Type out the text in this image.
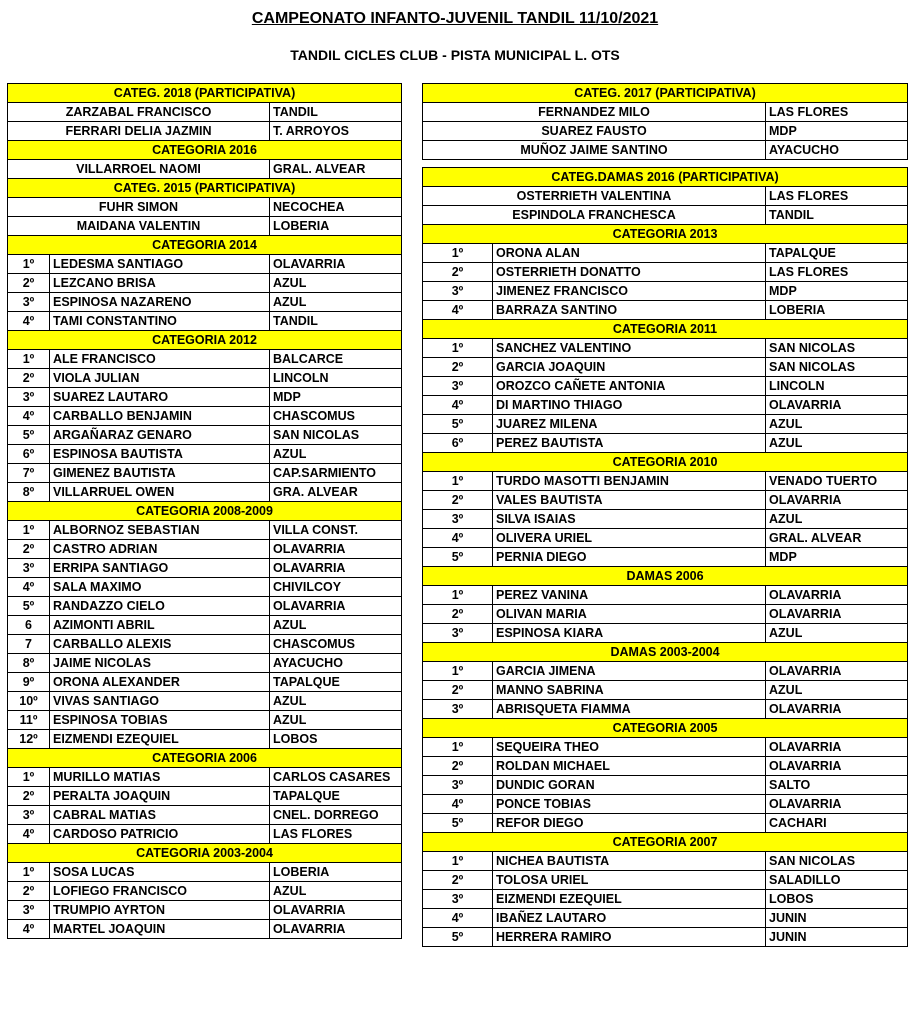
CAMPEONATO INFANTO-JUVENIL TANDIL 11/10/2021
TANDIL CICLES CLUB - PISTA MUNICIPAL L. OTS
CATEG. 2018 (PARTICIPATIVA)		
ZARZABAL FRANCISCO		TANDIL
FERRARI DELIA JAZMIN		T. ARROYOS
CATEGORIA 2016		
VILLARROEL NAOMI		GRAL. ALVEAR
CATEG. 2015 (PARTICIPATIVA)		
FUHR SIMON		NECOCHEA
MAIDANA VALENTIN		LOBERIA
CATEGORIA 2014		
1º	LEDESMA SANTIAGO	OLAVARRIA
2º	LEZCANO BRISA	AZUL
3º	ESPINOSA NAZARENO	AZUL
4º	TAMI CONSTANTINO	TANDIL
CATEGORIA 2012		
1º	ALE FRANCISCO	BALCARCE
2º	VIOLA JULIAN	LINCOLN
3º	SUAREZ LAUTARO	MDP
4º	CARBALLO BENJAMIN	CHASCOMUS
5º	ARGAÑARAZ GENARO	SAN NICOLAS
6º	ESPINOSA BAUTISTA	AZUL
7º	GIMENEZ BAUTISTA	CAP.SARMIENTO
8º	VILLARRUEL OWEN	GRA. ALVEAR
CATEGORIA 2008-2009		
1º	ALBORNOZ SEBASTIAN	VILLA CONST.
2º	CASTRO ADRIAN	OLAVARRIA
3º	ERRIPA SANTIAGO	OLAVARRIA
4º	SALA MAXIMO	CHIVILCOY
5º	RANDAZZO CIELO	OLAVARRIA
6	AZIMONTI ABRIL	AZUL
7	CARBALLO ALEXIS	CHASCOMUS
8º	JAIME NICOLAS	AYACUCHO
9º	ORONA ALEXANDER	TAPALQUE
10º	VIVAS SANTIAGO	AZUL
11º	ESPINOSA TOBIAS	AZUL
12º	EIZMENDI EZEQUIEL	LOBOS
CATEGORIA 2006		
1º	MURILLO MATIAS	CARLOS CASARES
2º	PERALTA JOAQUIN	TAPALQUE
3º	CABRAL MATIAS	CNEL. DORREGO
4º	CARDOSO PATRICIO	LAS FLORES
CATEGORIA 2003-2004		
1º	SOSA LUCAS	LOBERIA
2º	LOFIEGO FRANCISCO	AZUL
3º	TRUMPIO AYRTON	OLAVARRIA
4º	MARTEL JOAQUIN	OLAVARRIA
CATEG. 2017 (PARTICIPATIVA)		
FERNANDEZ MILO		LAS FLORES
SUAREZ FAUSTO		MDP
MUÑOZ JAIME SANTINO		AYACUCHO

CATEG.DAMAS 2016 (PARTICIPATIVA)		
OSTERRIETH VALENTINA		LAS FLORES
ESPINDOLA FRANCHESCA		TANDIL
CATEGORIA 2013		
1º	ORONA ALAN	TAPALQUE
2º	OSTERRIETH DONATTO	LAS FLORES
3º	JIMENEZ FRANCISCO	MDP
4º	BARRAZA SANTINO	LOBERIA
CATEGORIA 2011		
1º	SANCHEZ VALENTINO	SAN NICOLAS
2º	GARCIA JOAQUIN	SAN NICOLAS
3º	OROZCO CAÑETE ANTONIA	LINCOLN
4º	DI MARTINO THIAGO	OLAVARRIA
5º	JUAREZ MILENA	AZUL
6º	PEREZ BAUTISTA	AZUL
CATEGORIA 2010		
1º	TURDO MASOTTI BENJAMIN	VENADO TUERTO
2º	VALES BAUTISTA	OLAVARRIA
3º	SILVA ISAIAS	AZUL
4º	OLIVERA URIEL	GRAL. ALVEAR
5º	PERNIA DIEGO	MDP
DAMAS 2006		
1º	PEREZ VANINA	OLAVARRIA
2º	OLIVAN MARIA	OLAVARRIA
3º	ESPINOSA KIARA	AZUL
DAMAS 2003-2004		
1º	GARCIA JIMENA	OLAVARRIA
2º	MANNO SABRINA	AZUL
3º	ABRISQUETA FIAMMA	OLAVARRIA
CATEGORIA 2005		
1º	SEQUEIRA THEO	OLAVARRIA
2º	ROLDAN MICHAEL	OLAVARRIA
3º	DUNDIC GORAN	SALTO
4º	PONCE TOBIAS	OLAVARRIA
5º	REFOR DIEGO	CACHARI
CATEGORIA 2007		
1º	NICHEA BAUTISTA	SAN NICOLAS
2º	TOLOSA URIEL	SALADILLO
3º	EIZMENDI EZEQUIEL	LOBOS
4º	IBAÑEZ LAUTARO	JUNIN
5º	HERRERA RAMIRO	JUNIN
